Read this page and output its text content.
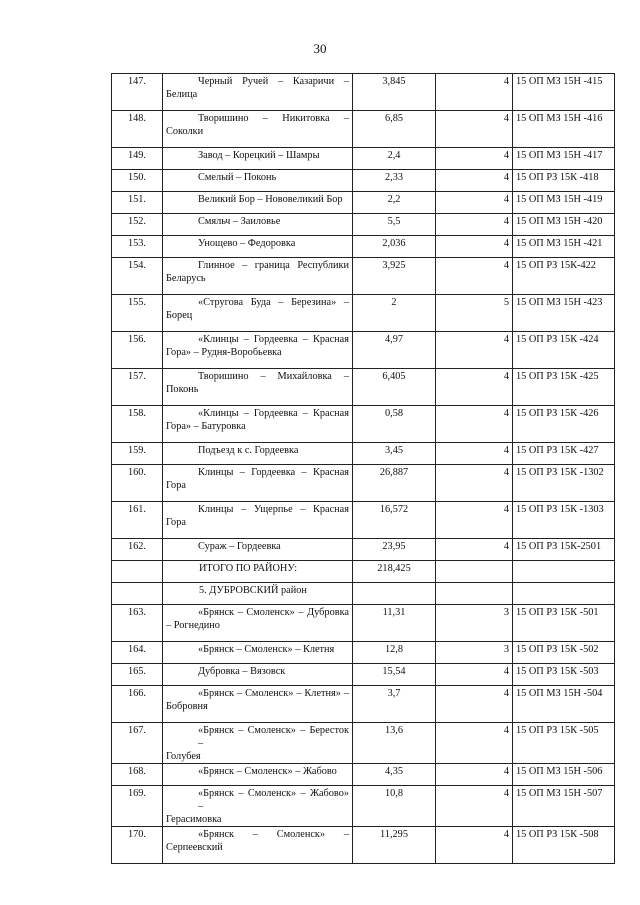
30
147.	Черный Ручей – Казаричи –
Белица	3,845	4	15 ОП МЗ 15Н -415
148.	Творишино – Никитовка –
Соколки	6,85	4	15 ОП МЗ 15Н -416
149.	Завод – Корецкий – Шамры	2,4	4	15 ОП МЗ 15Н -417
150.	Смелый – Поконь	2,33	4	15 ОП РЗ 15К -418
151.	Великий Бор – Нововеликий Бор	2,2	4	15 ОП МЗ 15Н -419
152.	Смяльч – Заиловье	5,5	4	15 ОП МЗ 15Н -420
153.	Унощево – Федоровка	2,036	4	15 ОП МЗ 15Н -421
154.	Глинное – граница Республики
Беларусь	3,925	4	15 ОП РЗ 15К-422
155.	«Стругова Буда – Березина» –
Борец	2	5	15 ОП МЗ 15Н -423
156.	«Клинцы – Гордеевка – Красная
Гора» – Рудня-Воробьевка	4,97	4	15 ОП РЗ 15К -424
157.	Творишино – Михайловка –
Поконь	6,405	4	15 ОП РЗ 15К -425
158.	«Клинцы – Гордеевка – Красная
Гора» – Батуровка	0,58	4	15 ОП РЗ 15К -426
159.	Подъезд к с. Гордеевка	3,45	4	15 ОП РЗ 15К -427
160.	Клинцы – Гордеевка – Красная
Гора	26,887	4	15 ОП РЗ 15К -1302
161.	Клинцы – Ущерпье – Красная
Гора	16,572	4	15 ОП РЗ 15К -1303
162.	Сураж – Гордеевка	23,95	4	15 ОП РЗ 15К-2501
	ИТОГО ПО РАЙОНУ:	218,425		
	5. ДУБРОВСКИЙ район			
163.	«Брянск – Смоленск» – Дубровка
– Рогнедино	11,31	3	15 ОП РЗ 15К -501
164.	«Брянск – Смоленск» – Клетня	12,8	3	15 ОП РЗ 15К -502
165.	Дубровка – Вязовск	15,54	4	15 ОП РЗ 15К -503
166.	«Брянск – Смоленск» – Клетня» –
Бобровня	3,7	4	15 ОП МЗ 15Н -504
167.	«Брянск – Смоленск» – Бересток –
Голубея	13,6	4	15 ОП РЗ 15К -505
168.	«Брянск – Смоленск» – Жабово	4,35	4	15 ОП МЗ 15Н -506
169.	«Брянск – Смоленск» – Жабово» –
Герасимовка	10,8	4	15 ОП МЗ 15Н -507
170.	«Брянск – Смоленск» –
Серпеевский	11,295	4	15 ОП РЗ 15К -508
